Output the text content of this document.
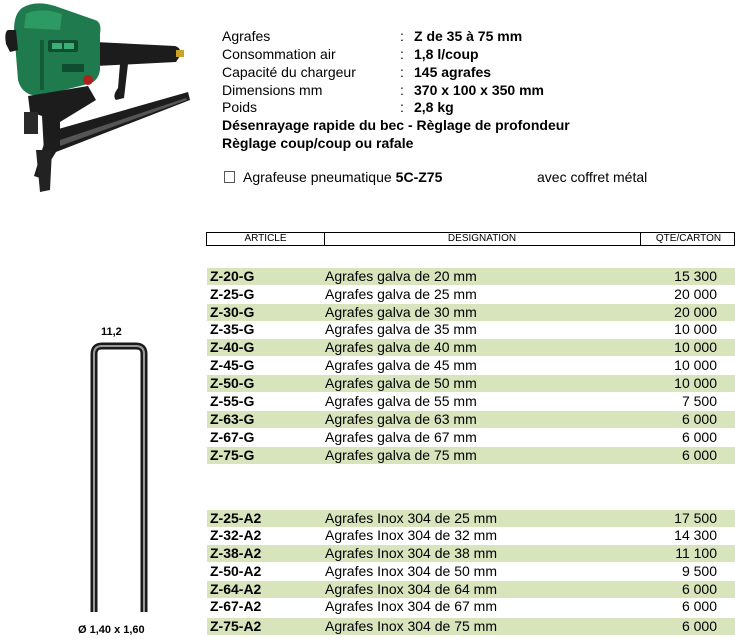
Agrafes	: Z de 35 à 75 mm
Consommation air	: 1,8 l/coup
Capacité du chargeur	: 145 agrafes
Dimensions mm	: 370 x 100 x 350 mm
Poids	: 2,8 kg
Désenrayage rapide du bec - Règlage de profondeur
Règlage coup/coup ou rafale
Agrafeuse pneumatique 5C-Z75	avec coffret métal
ARTICLE	DESIGNATION	QTE/CARTON
Z-20-G	Agrafes galva de 20 mm	15 300
Z-25-G	Agrafes galva de 25 mm	20 000
Z-30-G	Agrafes galva de 30 mm	20 000
Z-35-G	Agrafes galva de 35 mm	10 000
Z-40-G	Agrafes galva de 40 mm	10 000
Z-45-G	Agrafes galva de 45 mm	10 000
Z-50-G	Agrafes galva de 50 mm	10 000
Z-55-G	Agrafes galva de 55 mm	7 500
Z-63-G	Agrafes galva de 63 mm	6 000
Z-67-G	Agrafes galva de 67 mm	6 000
Z-75-G	Agrafes galva de 75 mm	6 000
Z-25-A2	Agrafes Inox 304 de 25 mm	17 500
Z-32-A2	Agrafes Inox 304 de 32 mm	14 300
Z-38-A2	Agrafes Inox 304 de 38 mm	11 100
Z-50-A2	Agrafes Inox 304 de 50 mm	9 500
Z-64-A2	Agrafes Inox 304 de 64 mm	6 000
Z-67-A2	Agrafes Inox 304 de 67 mm	6 000
Z-75-A2	Agrafes Inox 304 de 75 mm	6 000
11,2
Ø 1,40 x 1,60
